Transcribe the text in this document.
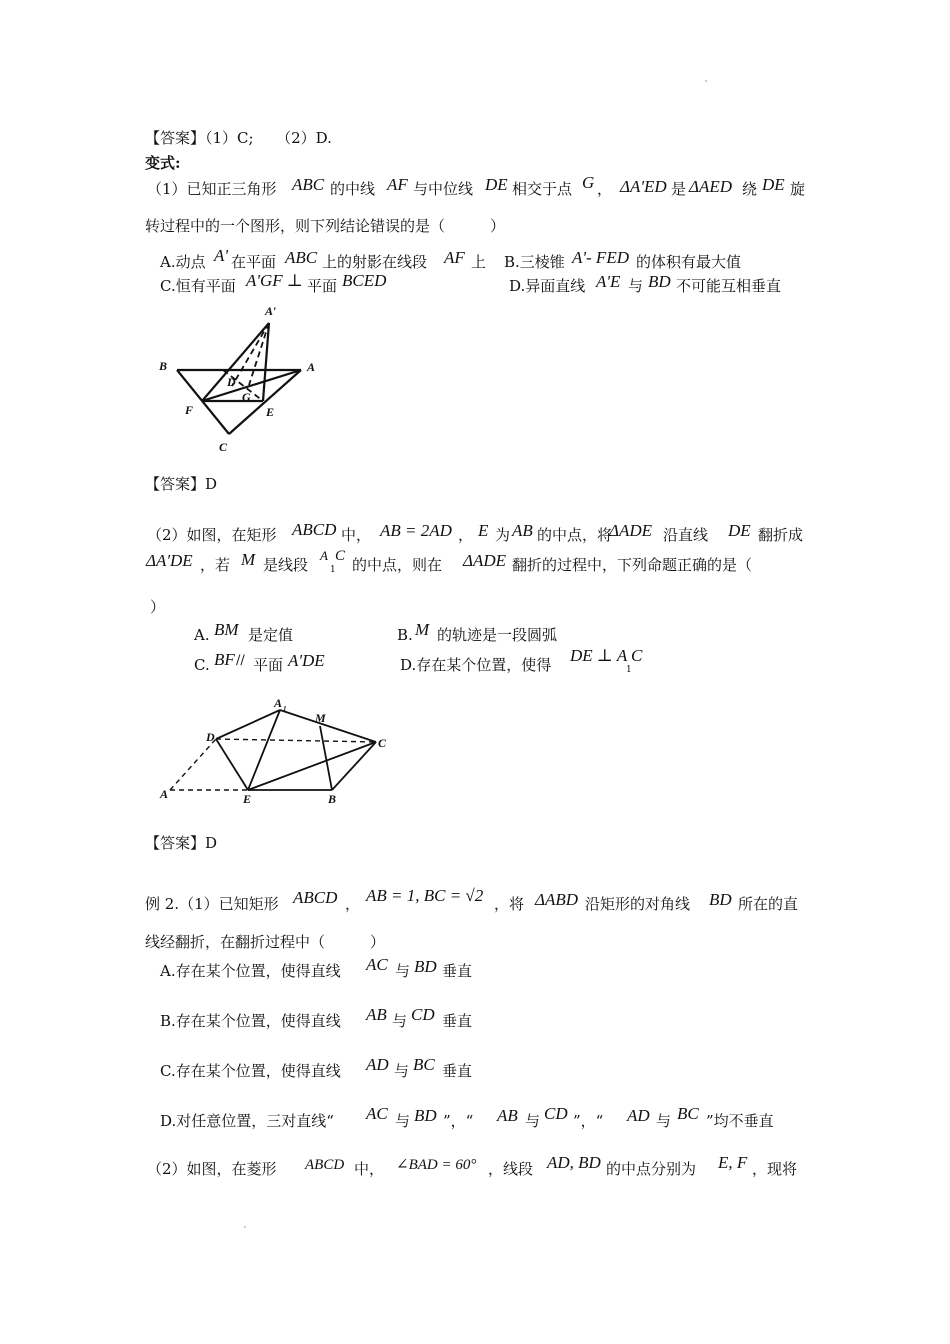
【答案】（1）C;　　（2）D.
变式:
（1）已知正三角形 ABC 的中线 AF 与中位线 DE 相交于点 G ， ΔA'ED 是 ΔAED 绕 DE 旋
转过程中的一个图形，则下列结论错误的是（　　　）
A.动点 A' 在平面 ABC 上的射影在线段 AF 上 B.三棱锥 A'- FED 的体积有最大值
C.恒有平面 A'GF ⊥ 平面 BCED	D.异面直线 A'E 与 BD 不可能互相垂直
A′
B	A
D
G
F	E
C
【答案】D
（2）如图，在矩形 ABCD 中， AB = 2AD ， E 为 AB 的中点，将
ΔADE 沿直线 DE 翻折成
ΔA'DE ，若 M 是线段
A
1
C 的中点，则在 ΔADE 翻折的过程中，下列命题正确的是（
）
A. BM 是定值	B. M 的轨迹是一段圆弧
C. BF // 平面 A'DE	D.存在某个位置，使得 DE ⊥ A
1
C
A 1
M
D	C
A	E	B
【答案】D
例 2.（1）已知矩形 ABCD ， AB = 1, BC = √2 ，将 ΔABD 沿矩形的对角线 BD 所在的直
线经翻折，在翻折过程中（　　　）
A.存在某个位置，使得直线 AC 与 BD 垂直
B.存在某个位置，使得直线 AB 与 CD 垂直
C.存在某个位置，使得直线 AD 与 BC 垂直
D.对任意位置，三对直线“ AC 与 BD ”，“ AB 与 CD ”，“ AD 与 BC ”均不垂直
（2）如图，在菱形 ABCD 中， ∠BAD = 60° ，线段 AD, BD 的中点分别为 E, F ，现将
